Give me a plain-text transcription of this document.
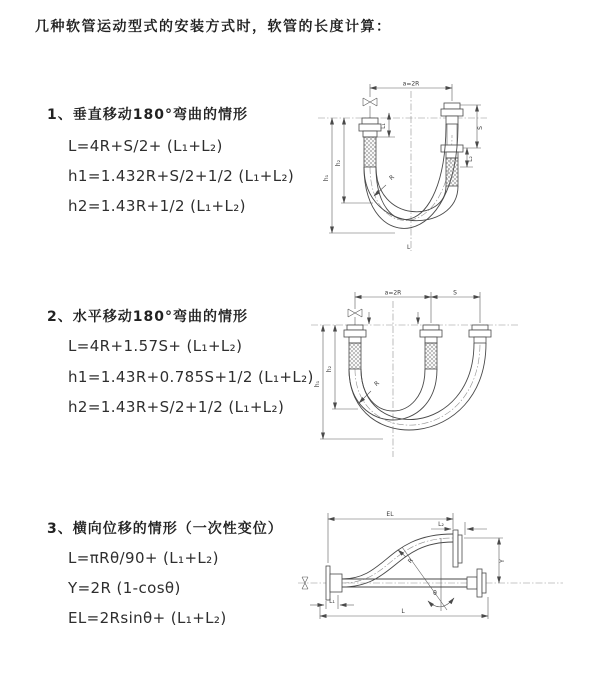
几种软管运动型式的安装方式时，软管的长度计算：
1、垂直移动180°弯曲的情形
L=4R+S/2+ (L₁+L₂)
h1=1.432R+S/2+1/2 (L₁+L₂)
h2=1.43R+1/2 (L₁+L₂)
2、水平移动180°弯曲的情形
L=4R+1.57S+ (L₁+L₂)
h1=1.43R+0.785S+1/2 (L₁+L₂)
h2=1.43R+S/2+1/2 (L₁+L₂)
3、横向位移的情形（一次性变位）
L=πRθ/90+ (L₁+L₂)
Y=2R (1-cosθ)
EL=2Rsinθ+ (L₁+L₂)
a=2R
h₂
h₁
L₁	S
L₂
R
L
a=2R	S
h₂
h₁	R
EL
L₂
Y
L₁
L
θ
R
